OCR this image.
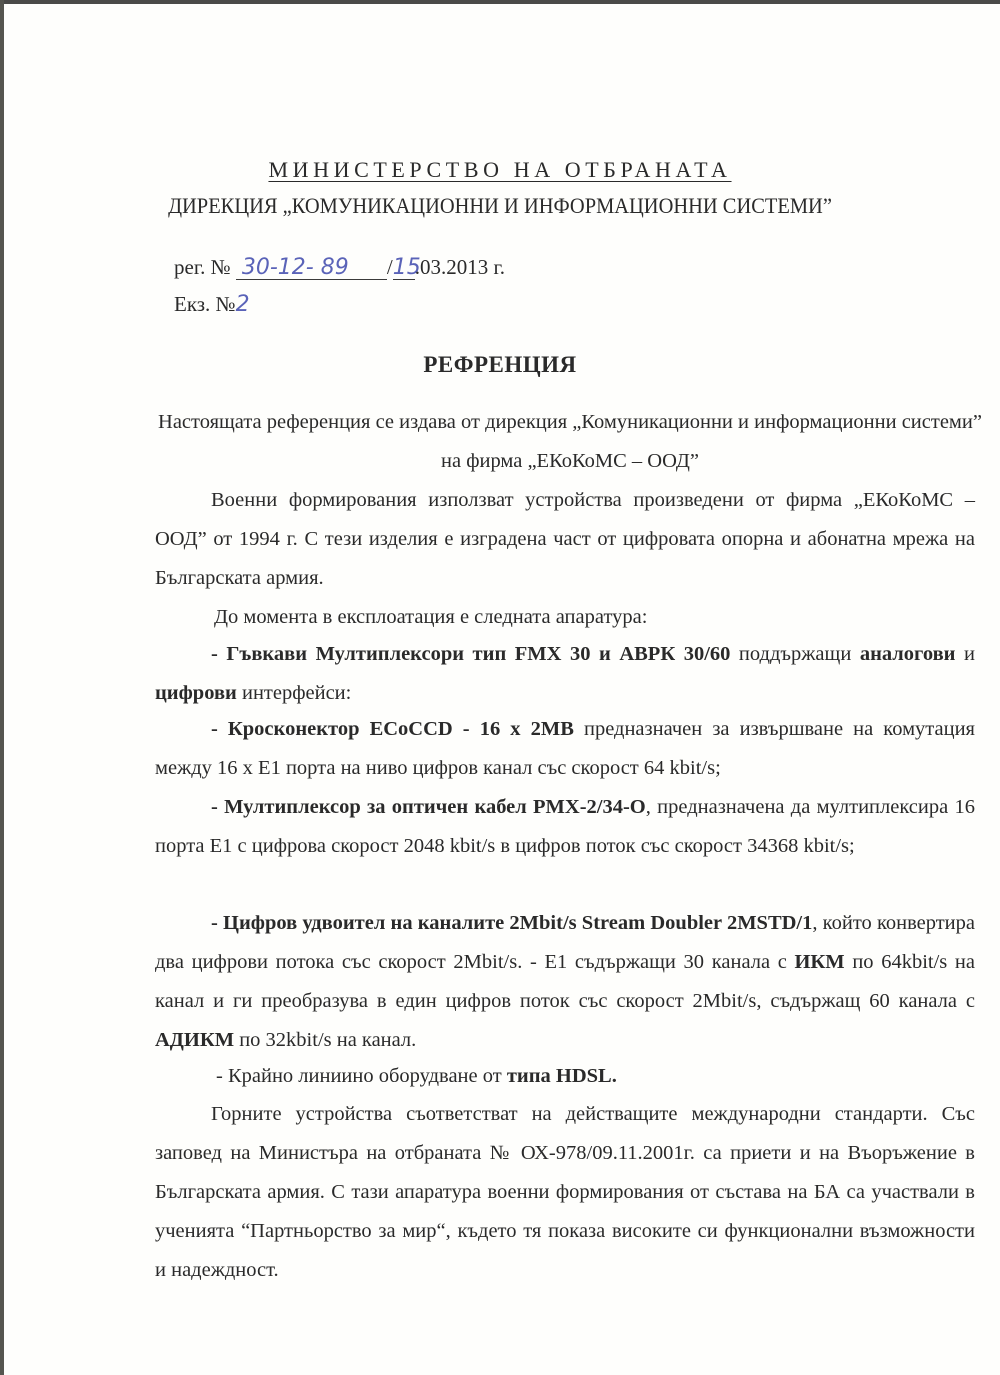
МИНИСТЕРСТВО НА ОТБРАНАТА
ДИРЕКЦИЯ „КОМУНИКАЦИОННИ И ИНФОРМАЦИОННИ СИСТЕМИ”
рег. № 30-12- 89 /15.03.2013 г.
Екз. №2
РЕФРЕНЦИЯ
Настоящата референция се издава от дирекция „Комуникационни и информационни системи” на фирма „ЕКоКоМС – ООД”
Военни формирования използват устройства произведени от фирма „ЕКоКоМС – ООД” от 1994 г. С тези изделия е изградена част от цифровата опорна и абонатна мрежа на Българската армия.
До момента в експлоатация е следната апаратура:
- Гъвкави Мултиплексори тип FMX 30 и АВРК 30/60 поддържащи аналогови и цифрови интерфейси:
- Кросконектор ECoCCD - 16 x 2MB предназначен за извършване на комутация между 16 х Е1 порта на ниво цифров канал със скорост 64 kbit/s;
- Мултиплексор за оптичен кабел PMX-2/34-O, предназначена да мултиплексира 16 порта Е1 с цифрова скорост 2048 kbit/s в цифров поток със скорост 34368 kbit/s;
- Цифров удвоител на каналите 2Mbit/s Stream Doubler 2MSTD/1, който конвертира два цифрови потока със скорост 2Mbit/s. - Е1 съдържащи 30 канала с ИКМ по 64kbit/s на канал и ги преобразува в един цифров поток със скорост 2Mbit/s, съдържащ 60 канала с АДИКМ по 32kbit/s на канал.
- Крайно линиино оборудване от типа HDSL.
Горните устройства съответстват на действащите международни стандарти. Със заповед на Министъра на отбраната № ОХ-978/09.11.2001г. са приети и на Въоръжение в Българската армия. С тази апаратура военни формирования от състава на БА са участвали в ученията “Партньорство за мир“, където тя показа високите си функционални възможности и надеждност.
